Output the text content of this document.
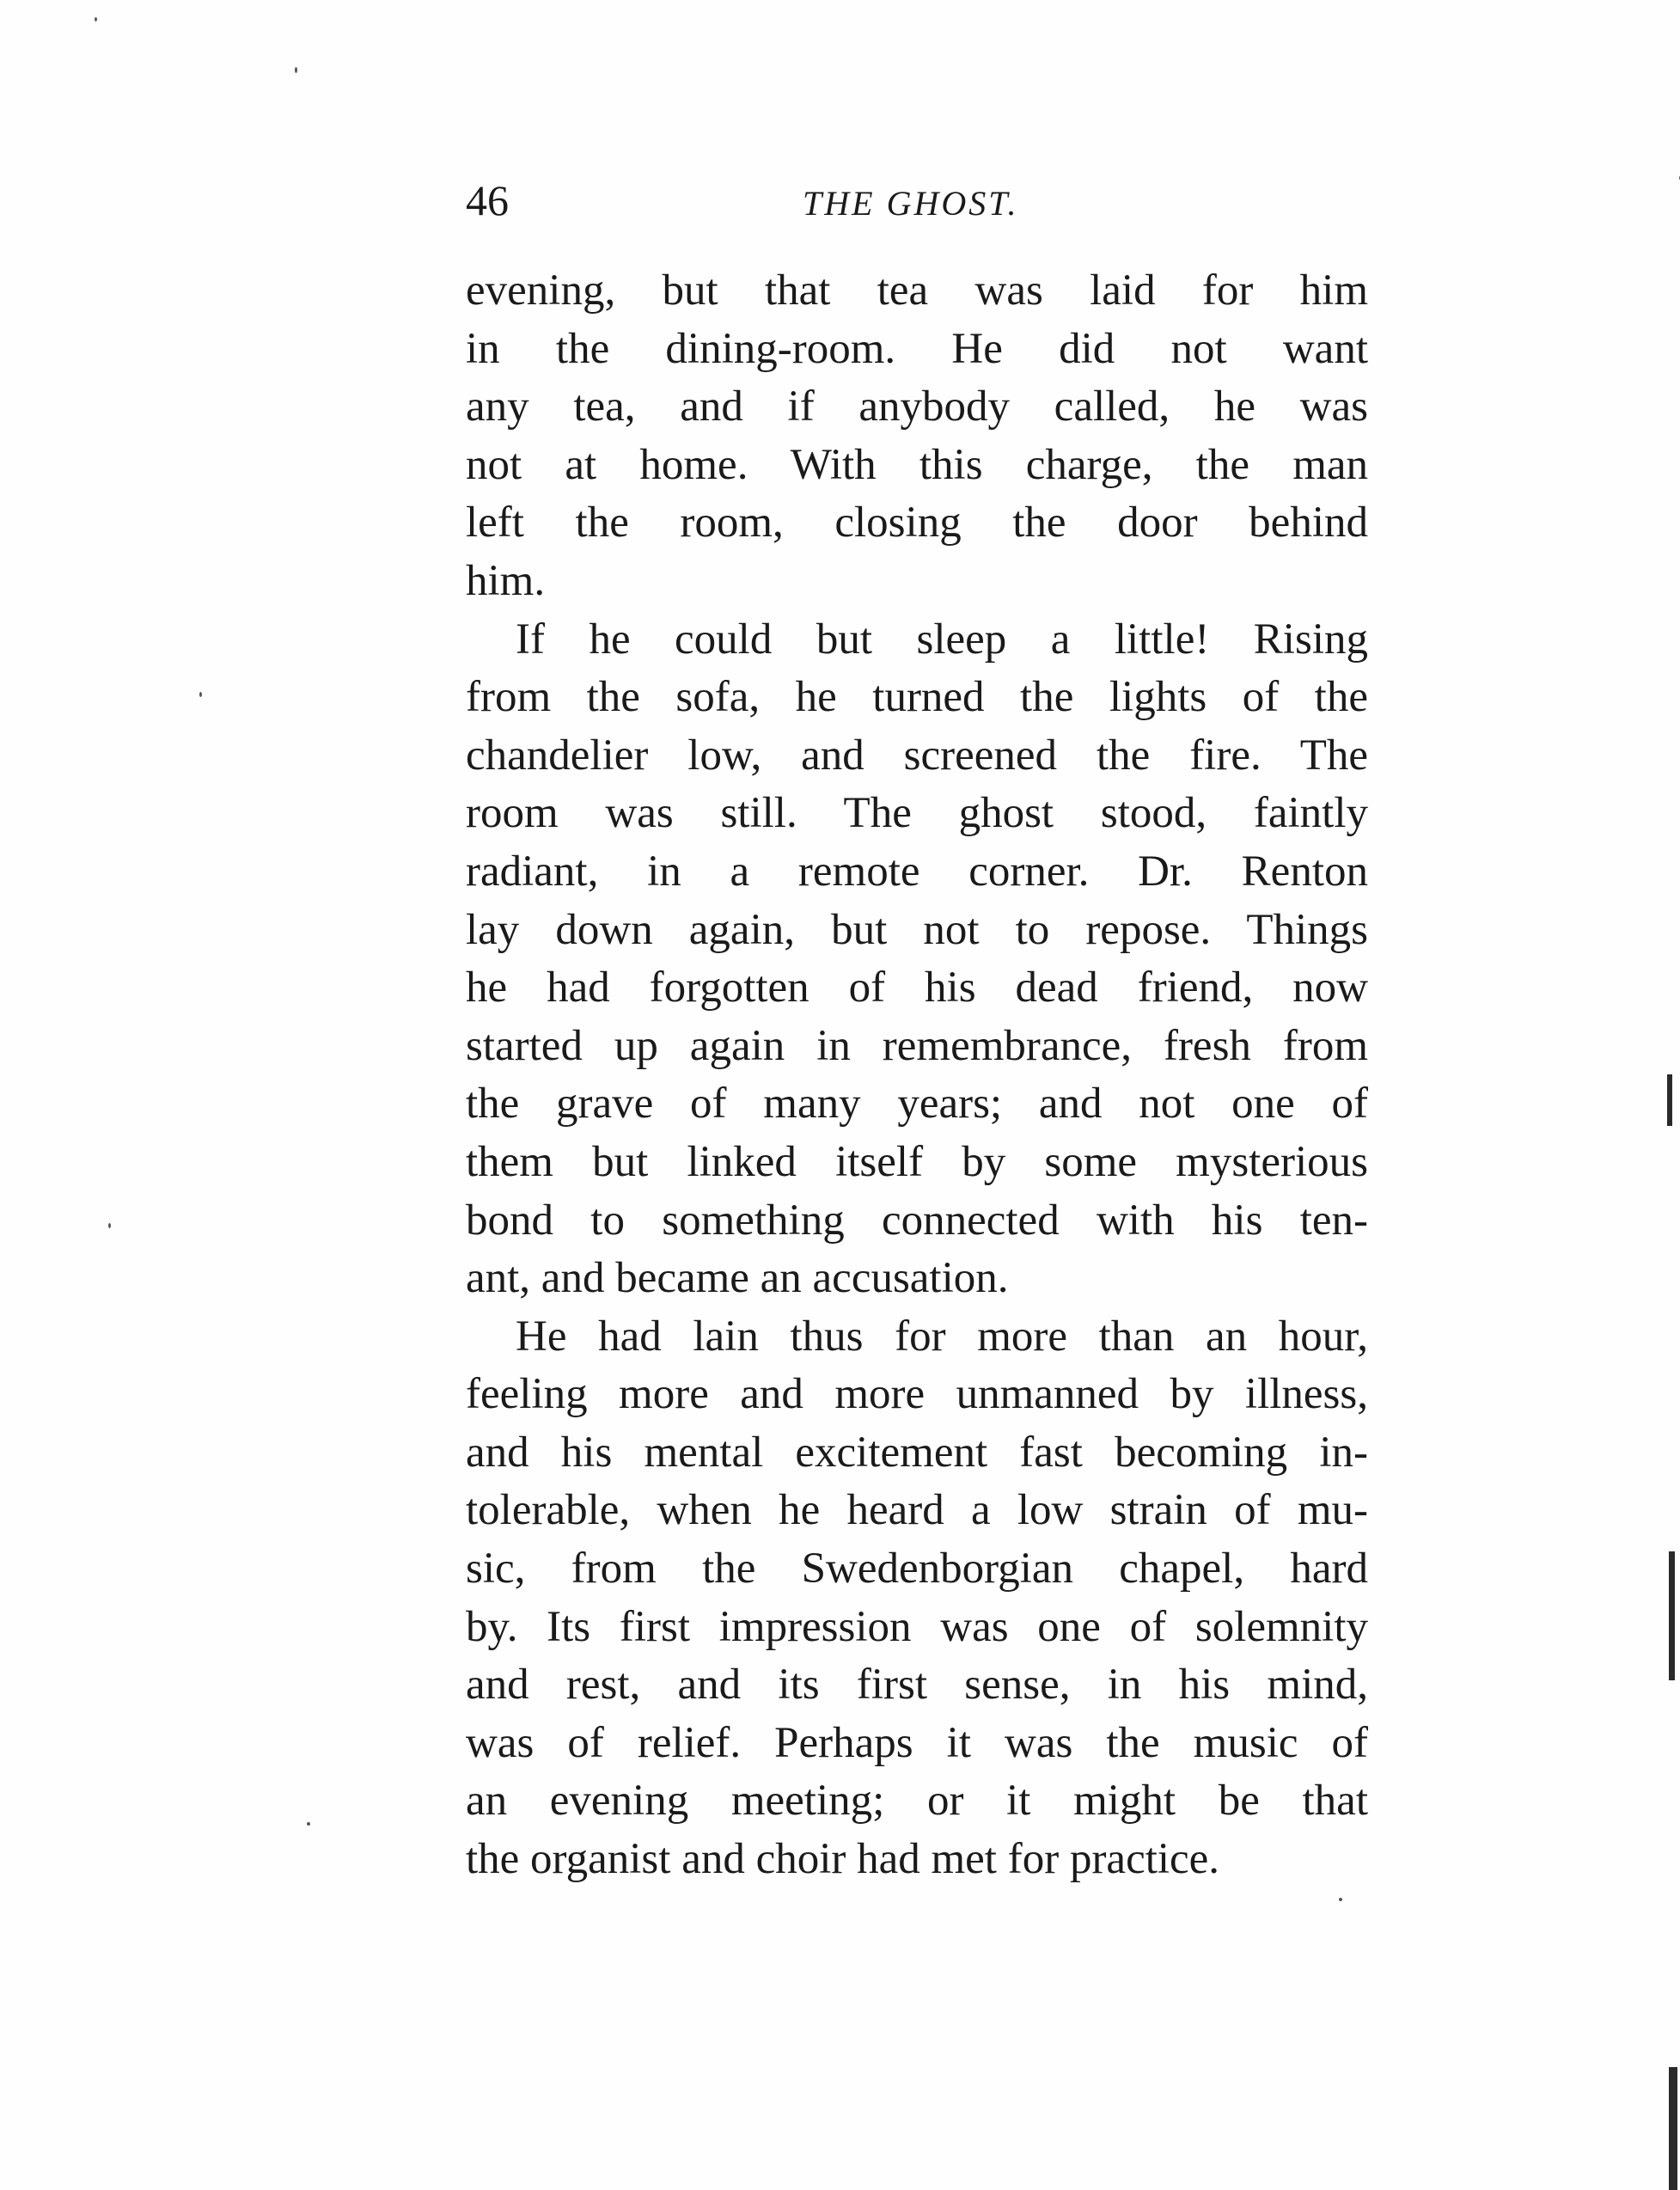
46	THE GHOST.

evening, but that tea was laid for him
in the dining-room. He did not want
any tea, and if anybody called, he was
not at home. With this charge, the man
left the room, closing the door behind
him.

If he could but sleep a little! Rising
from the sofa, he turned the lights of the
chandelier low, and screened the fire. The
room was still. The ghost stood, faintly
radiant, in a remote corner. Dr. Renton
lay down again, but not to repose. Things
he had forgotten of his dead friend, now
started up again in remembrance, fresh from
the grave of many years; and not one of
them but linked itself by some mysterious
bond to something connected with his ten-
ant, and became an accusation.

He had lain thus for more than an hour,
feeling more and more unmanned by illness,
and his mental excitement fast becoming in-
tolerable, when he heard a low strain of mu-
sic, from the Swedenborgian chapel, hard
by. Its first impression was one of solemnity
and rest, and its first sense, in his mind,
was of relief. Perhaps it was the music of
an evening meeting; or it might be that
the organist and choir had met for practice.
